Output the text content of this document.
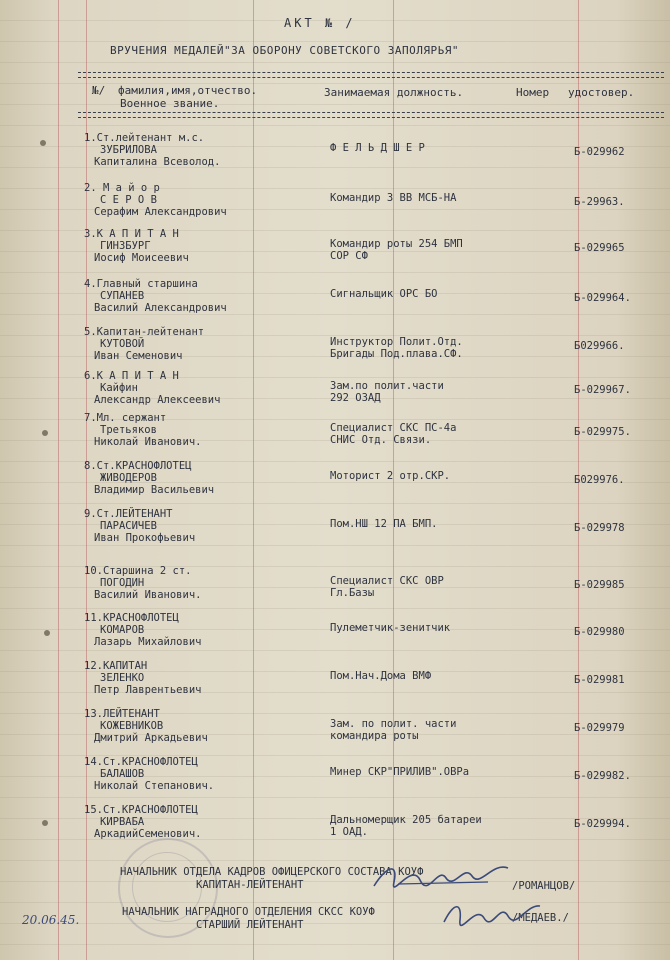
АКТ № /
ВРУЧЕНИЯ МЕДАЛЕЙ"ЗА ОБОРОНУ СОВЕТСКОГО ЗАПОЛЯРЬЯ"
№/ фамилия,имя,отчество.
Военное звание.
Занимаемая должность.	Номер удостовер.
1.Ст.лейтенант м.с.
ЗУБРИЛОВА
Капиталина Всеволод.
Ф Е Л Ь Д Ш Е Р	Б-029962
2. М а й о р
С Е Р О В
Серафим Александрович
Командир 3 ВВ МСБ-НА	Б-29963.
3.К А П И Т А Н
ГИНЗБУРГ
Иосиф Моисеевич
Командир роты 254 БМП
СОР СФ
Б-029965
4.Главный старшина
СУПАНЕВ
Василий Александрович
Сигнальщик ОРС БО	Б-029964.
5.Капитан-лейтенант
КУТОВОЙ
Иван Семенович
Инструктор Полит.Отд.
Бригады Под.плава.СФ.
Б029966.
6.К А П И Т А Н
Кайфин
Александр Алексеевич
Зам.по полит.части
292 ОЗАД
Б-029967.
7.Мл. сержант
Третьяков
Николай Иванович.
Специалист СКС ПС-4а
СНИС Отд. Связи.
Б-029975.
8.Ст.КРАСНОФЛОТЕЦ
ЖИВОДЕРОВ
Владимир Васильевич
Моторист 2 отр.СКР.	Б029976.
9.Ст.ЛЕЙТЕНАНТ
ПАРАСИЧЕВ
Иван Прокофьевич
Пом.НШ 12 ПА БМП.	Б-029978
10.Старшина 2 ст.
ПОГОДИН
Василий Иванович.
Специалист СКС ОВР
Гл.Базы
Б-029985
11.КРАСНОФЛОТЕЦ
КОМАРОВ
Лазарь Михайлович
Пулеметчик-зенитчик	Б-029980
12.КАПИТАН
ЗЕЛЕНКО
Петр Лаврентьевич
Пом.Нач.Дома ВМФ	Б-029981
13.ЛЕЙТЕНАНТ
КОЖЕВНИКОВ
Дмитрий Аркадьевич
Зам. по полит. части
командира роты
Б-029979
14.Ст.КРАСНОФЛОТЕЦ
БАЛАШОВ
Николай Степанович.
Минер СКР"ПРИЛИВ".ОВРа	Б-029982.
15.Ст.КРАСНОФЛОТЕЦ
КИРВАБА
АркадийСеменович.
Дальномерщик 205 батареи
1 ОАД.
Б-029994.
НАЧАЛЬНИК ОТДЕЛА КАДРОВ ОФИЦЕРСКОГО СОСТАВА КОУФ
КАПИТАН-ЛЕЙТЕНАНТ	/РОМАНЦОВ/
НАЧАЛЬНИК НАГРАДНОГО ОТДЕЛЕНИЯ СКСС КОУФ
СТАРШИЙ ЛЕЙТЕНАНТ
/МЕДАЕВ./
20.06.45.
